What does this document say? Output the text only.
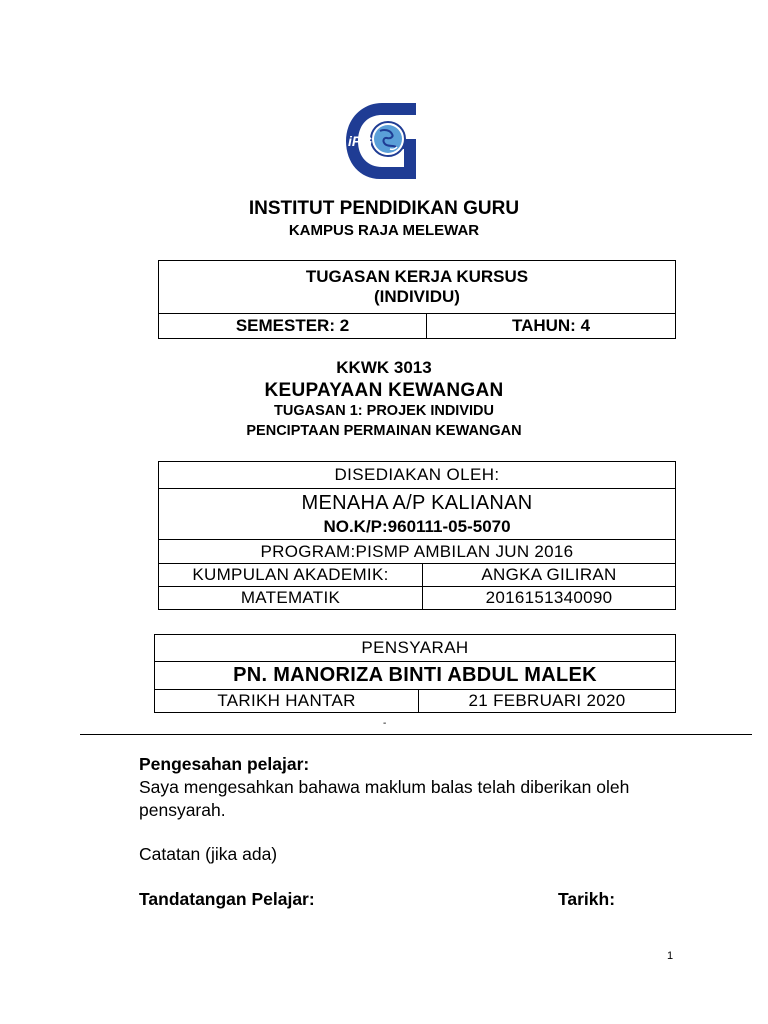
iPG
INSTITUT PENDIDIKAN GURU
KAMPUS RAJA MELEWAR
TUGASAN KERJA KURSUS
(INDIVIDU)

SEMESTER: 2	TAHUN: 4
KKWK 3013
KEUPAYAAN KEWANGAN
TUGASAN 1: PROJEK INDIVIDU
PENCIPTAAN PERMAINAN KEWANGAN
DISEDIAKAN OLEH:	

MENAHA A/P KALIANAN
NO.K/P:960111-05-5070	

PROGRAM:PISMP AMBILAN JUN 2016	
KUMPULAN AKADEMIK:	ANGKA GILIRAN
MATEMATIK	2016151340090
PENSYARAH
PN. MANORIZA BINTI ABDUL MALEK
TARIKH HANTAR	21 FEBRUARI 2020
-
Pengesahan pelajar:
Saya mengesahkan bahawa maklum balas telah diberikan oleh pensyarah.
Catatan (jika ada)
Tandatangan Pelajar:	Tarikh:
1
